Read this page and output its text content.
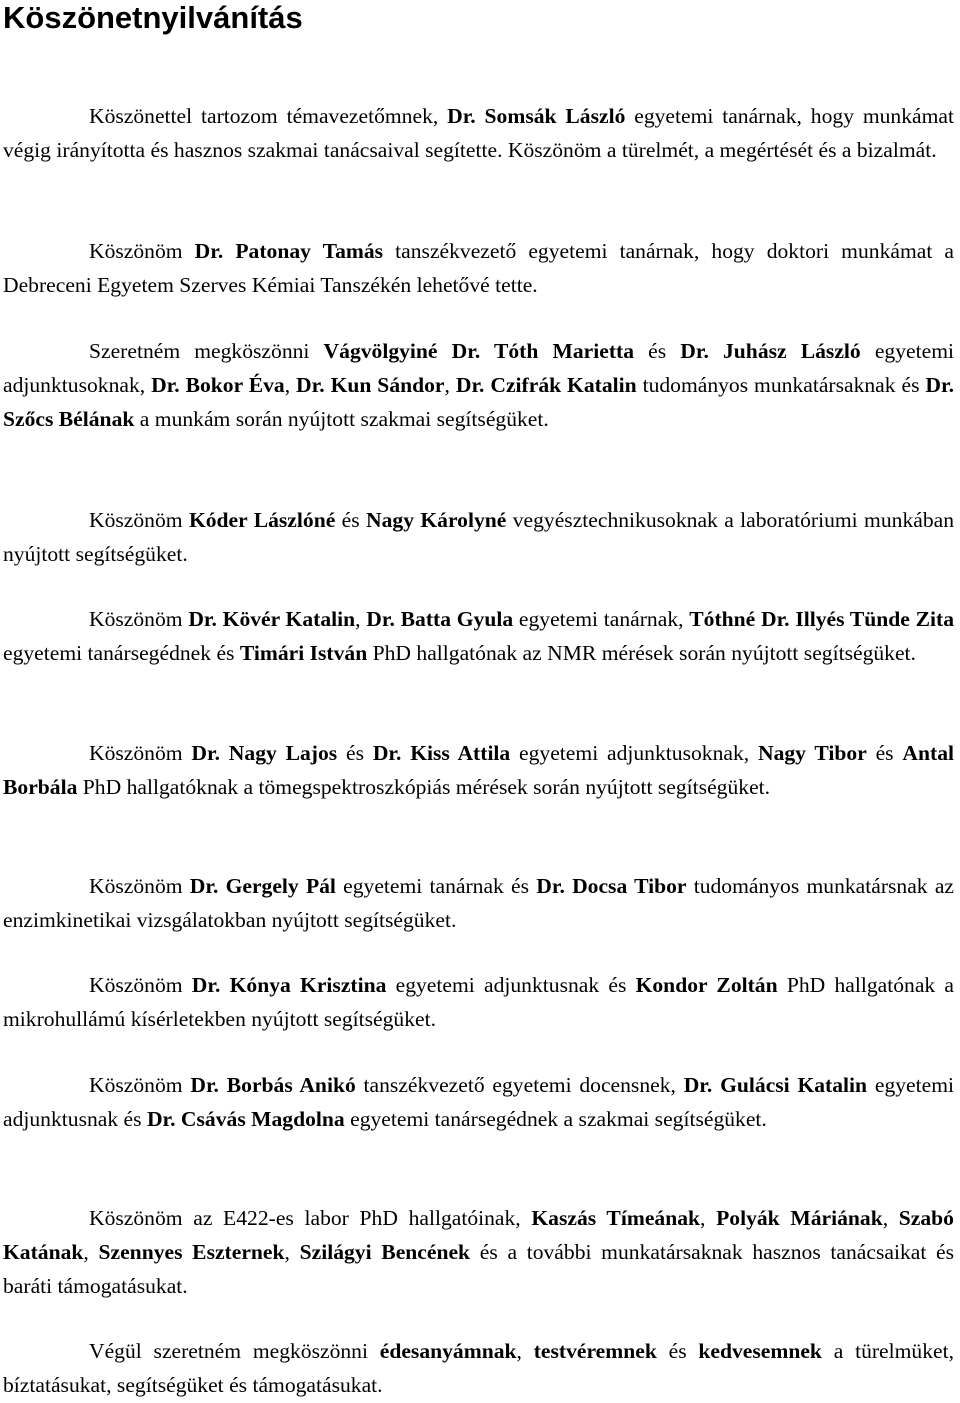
Köszönetnyilvánítás

Köszönettel tartozom témavezetőmnek, Dr. Somsák László egyetemi tanárnak, hogy munkámat végig irányította és hasznos szakmai tanácsaival segítette. Köszönöm a türelmét, a megértését és a bizalmát.

Köszönöm Dr. Patonay Tamás tanszékvezető egyetemi tanárnak, hogy doktori munkámat a Debreceni Egyetem Szerves Kémiai Tanszékén lehetővé tette.

Szeretném megköszönni Vágvölgyiné Dr. Tóth Marietta és Dr. Juhász László egyetemi adjunktusoknak, Dr. Bokor Éva, Dr. Kun Sándor, Dr. Czifrák Katalin tudományos munkatársaknak és Dr. Szőcs Bélának a munkám során nyújtott szakmai segítségüket.

Köszönöm Kóder Lászlóné és Nagy Károlyné vegyésztechnikusoknak a laboratóriumi munkában nyújtott segítségüket.

Köszönöm Dr. Kövér Katalin, Dr. Batta Gyula egyetemi tanárnak, Tóthné Dr. Illyés Tünde Zita egyetemi tanársegédnek és Timári István PhD hallgatónak az NMR mérések során nyújtott segítségüket.

Köszönöm Dr. Nagy Lajos és Dr. Kiss Attila egyetemi adjunktusoknak, Nagy Tibor és Antal Borbála PhD hallgatóknak a tömegspektroszkópiás mérések során nyújtott segítségüket.

Köszönöm Dr. Gergely Pál egyetemi tanárnak és Dr. Docsa Tibor tudományos munkatársnak az enzimkinetikai vizsgálatokban nyújtott segítségüket.

Köszönöm Dr. Kónya Krisztina egyetemi adjunktusnak és Kondor Zoltán PhD hallgatónak a mikrohullámú kísérletekben nyújtott segítségüket.

Köszönöm Dr. Borbás Anikó tanszékvezető egyetemi docensnek, Dr. Gulácsi Katalin egyetemi adjunktusnak és Dr. Csávás Magdolna egyetemi tanársegédnek a szakmai segítségüket.

Köszönöm az E422-es labor PhD hallgatóinak, Kaszás Tímeának, Polyák Máriának, Szabó Katának, Szennyes Eszternek, Szilágyi Bencének és a további munkatársaknak hasznos tanácsaikat és baráti támogatásukat.

Végül szeretném megköszönni édesanyámnak, testvéremnek és kedvesemnek a türelmüket, bíztatásukat, segítségüket és támogatásukat.
